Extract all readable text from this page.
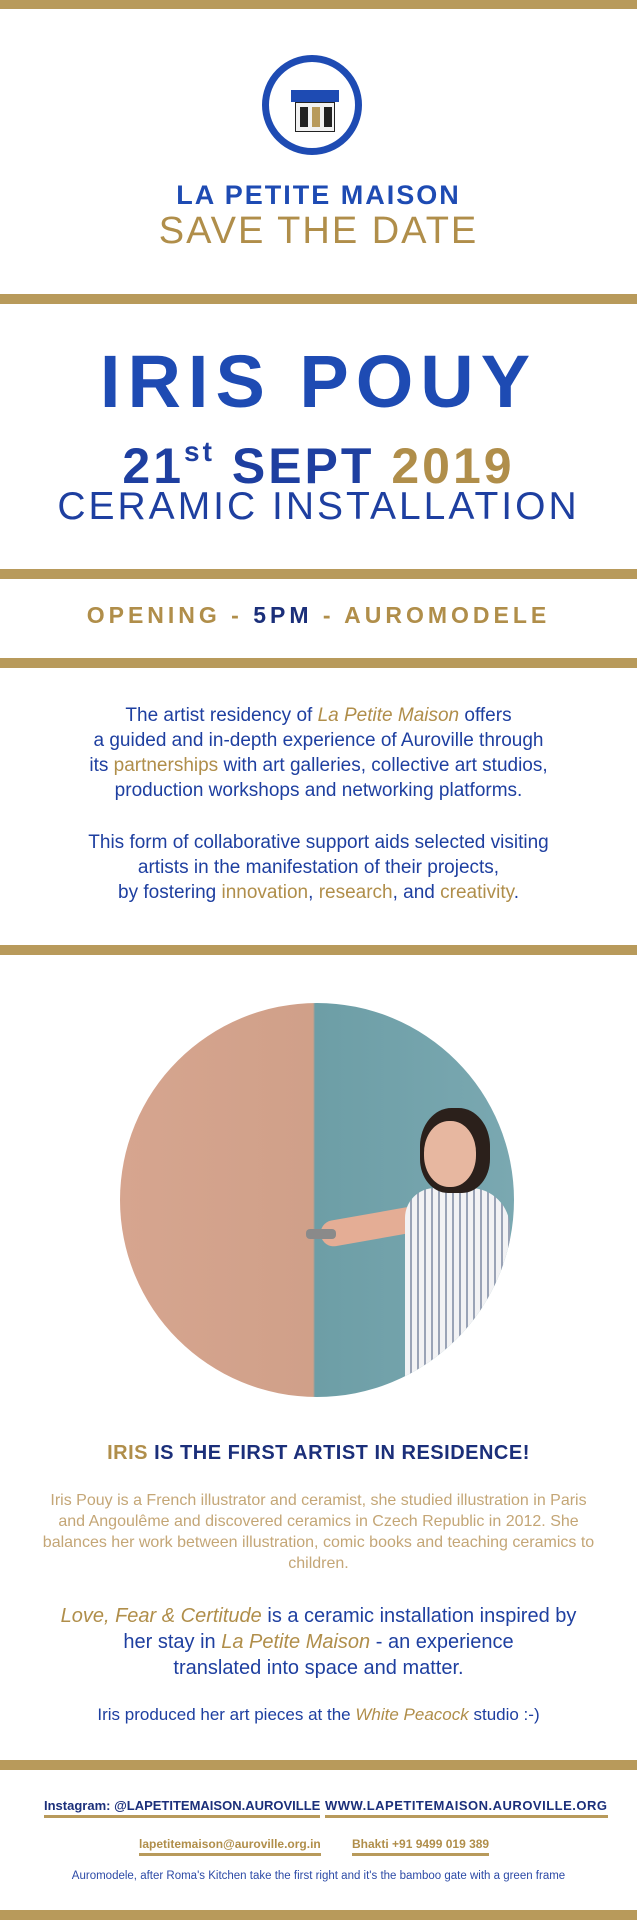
LA PETITE MAISON
SAVE THE DATE
IRIS POUY
21st SEPT 2019
CERAMIC INSTALLATION
OPENING - 5PM - AUROMODELE
The artist residency of La Petite Maison offers
a guided and in-depth experience of Auroville through
its partnerships with art galleries, collective art studios,
production workshops and networking platforms.
This form of collaborative support aids selected visiting
artists in the manifestation of their projects,
by fostering innovation, research, and creativity.
IRIS IS THE FIRST ARTIST IN RESIDENCE!
Iris Pouy is a French illustrator and ceramist, she studied illustration in Paris and Angoulême and discovered ceramics in Czech Republic in 2012. She balances her work between illustration, comic books and teaching ceramics to children.
Love, Fear & Certitude is a ceramic installation inspired by
her stay in La Petite Maison - an experience
translated into space and matter.
Iris produced her art pieces at the White Peacock studio :-)
Instagram: @LAPETITEMAISON.AUROVILLE WWW.LAPETITEMAISON.AUROVILLE.ORG
lapetitemaison@auroville.org.in	Bhakti +91 9499 019 389
Auromodele, after Roma's Kitchen take the first right and it's the bamboo gate with a green frame
